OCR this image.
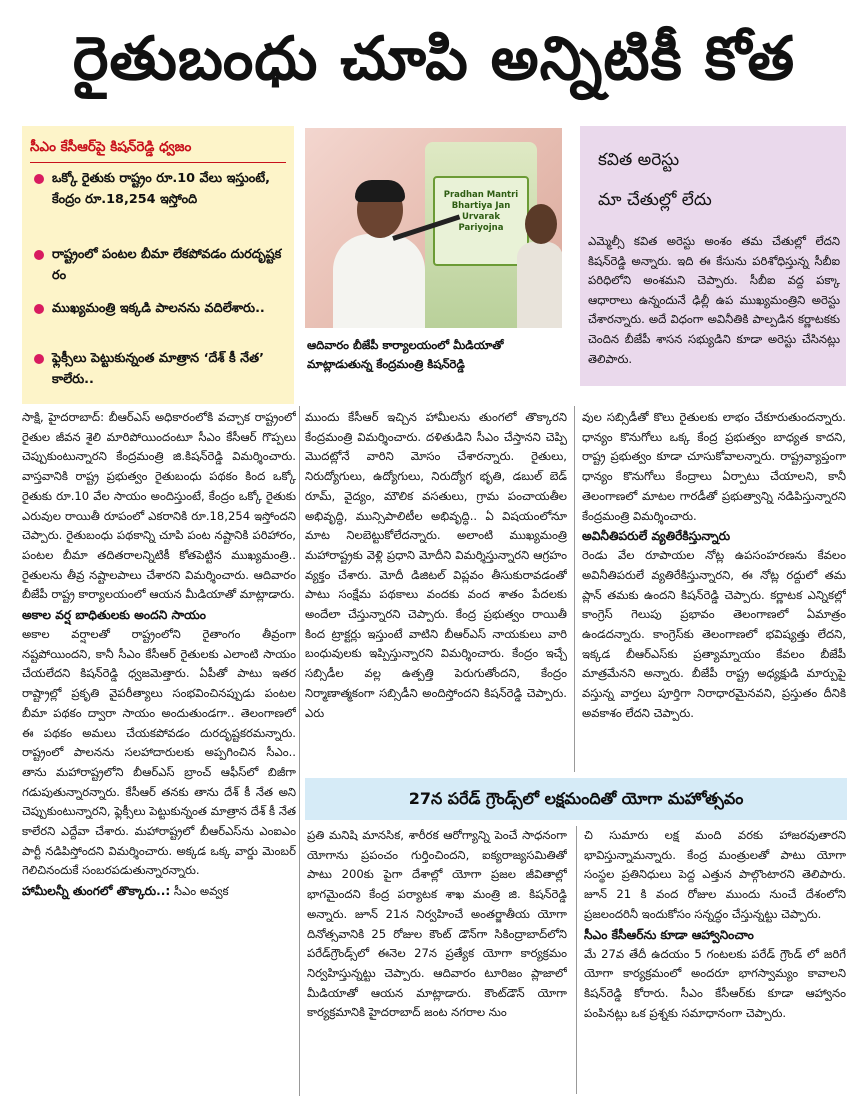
రైతుబంధు చూపి అన్నిటికీ కోత
సీఎం కేసీఆర్‌పై కిషన్‌రెడ్డి ధ్వజం
ఒక్కో రైతుకు రాష్ట్రం రూ.10 వేలు ఇస్తుంటే, కేంద్రం రూ.18,254 ఇస్తోంది
రాష్ట్రంలో పంటల బీమా లేకపోవడం దురదృష్టకరం
ముఖ్యమంత్రి ఇక్కడి పాలనను వదిలేశారు..
ఫ్లెక్సీలు పెట్టుకున్నంత మాత్రాన ‘దేశ్‌ కీ నేత’ కాలేరు..
Pradhan Mantri Bhartiya Jan Urvarak Pariyojna
ఆదివారం బీజేపీ కార్యాలయంలో మీడియాతో మాట్లాడుతున్న కేంద్రమంత్రి కిషన్‌రెడ్డి
కవిత అరెస్టు
మా చేతుల్లో లేదు
ఎమ్మెల్సీ కవిత అరెస్టు అంశం తమ చేతుల్లో లేదని కిషన్‌రెడ్డి అన్నారు. ఇది ఈ కేసును పరిశోధిస్తున్న సీబీఐ పరిధిలోని అంశమని చెప్పారు. సీబీఐ వద్ద పక్కా ఆధారాలు ఉన్నందునే ఢిల్లీ ఉప ముఖ్యమంత్రిని అరెస్టు చేశారన్నారు. అదే విధంగా అవినీతికి పాల్పడిన కర్ణాటకకు చెందిన బీజేపీ శాసన సభ్యుడిని కూడా అరెస్టు చేసినట్లు తెలిపారు.

సాక్షి, హైదరాబాద్‌: బీఆర్‌ఎస్‌ అధికారంలోకి వచ్చాక రాష్ట్రంలో రైతుల జీవన శైలి మారిపోయిందంటూ సీఎం కేసీఆర్‌ గొప్పలు చెప్పుకుంటున్నారని కేంద్రమంత్రి జి.కిషన్‌రెడ్డి విమర్శించారు. వాస్తవానికి రాష్ట్ర ప్రభుత్వం రైతుబంధు పథకం కింద ఒక్కో రైతుకు రూ.10 వేల సాయం అందిస్తుంటే, కేంద్రం ఒక్కో రైతుకు ఎరువుల రాయితీ రూపంలో ఎకరానికి రూ.18,254 ఇస్తోందని చెప్పారు. రైతుబంధు పథకాన్ని చూపి పంట నష్టానికి పరిహారం, పంటల బీమా తదితరాలన్నిటికీ కోతపెట్టిన ముఖ్యమంత్రి.. రైతులను తీవ్ర నష్టాలపాలు చేశారని విమర్శించారు. ఆదివారం బీజేపీ రాష్ట్ర కార్యాలయంలో ఆయన మీడియాతో మాట్లాడారు.

అకాల వర్ష బాధితులకు అందని సాయం

అకాల వర్షాలతో రాష్ట్రంలోని రైతాంగం తీవ్రంగా నష్టపోయిందని, కానీ సీఎం కేసీఆర్‌ రైతులకు ఎలాంటి సాయం చేయలేదని కిషన్‌రెడ్డి ధ్వజమెత్తారు. ఏపీతో పాటు ఇతర రాష్ట్రాల్లో ప్రకృతి వైపరీత్యాలు సంభవించినప్పుడు పంటల బీమా పథకం ద్వారా సాయం అందుతుండగా.. తెలంగాణలో ఈ పథకం అమలు చేయకపోవడం దురదృష్టకరమన్నారు. రాష్ట్రంలో పాలనను సలహాదారులకు అప్పగించిన సీఎం.. తాను మహారాష్ట్రలోని బీఆర్‌ఎస్‌ బ్రాంచ్‌ ఆఫీస్‌లో బిజీగా గడుపుతున్నారన్నారు. కేసీఆర్‌ తనకు తాను దేశ్‌ కీ నేత అని చెప్పుకుంటున్నారని, ఫ్లెక్సీలు పెట్టుకున్నంత మాత్రాన దేశ్‌ కీ నేత కాలేరని ఎద్దేవా చేశారు. మహారాష్ట్రలో బీఆర్‌ఎస్‌ను ఎంఐఎం పార్టీ నడిపిస్తోందని విమర్శించారు. అక్కడ ఒక్క వార్డు మెంబర్‌ గెలిచినందుకే సంబరపడుతున్నారన్నారు.

హామీలన్నీ తుంగలో తొక్కారు..: సీఎం అవ్వక

ముందు కేసీఆర్‌ ఇచ్చిన హామీలను తుంగలో తొక్కారని కేంద్రమంత్రి విమర్శించారు. దళితుడిని సీఎం చేస్తానని చెప్పి మొదట్లోనే వారిని మోసం చేశారన్నారు. రైతులు, నిరుద్యోగులు, ఉద్యోగులు, నిరుద్యోగ భృతి, డబుల్‌ బెడ్‌ రూమ్, వైద్యం, మౌలిక వసతులు, గ్రామ పంచాయతీల అభివృద్ధి, మున్సిపాలిటీల అభివృద్ధి.. ఏ విషయంలోనూ మాట నిలబెట్టుకోలేదన్నారు. అలాంటి ముఖ్యమంత్రి మహారాష్ట్రకు వెళ్లి ప్రధాని మోదీని విమర్శిస్తున్నారని ఆగ్రహం వ్యక్తం చేశారు. మోదీ డిజిటల్‌ విప్లవం తీసుకురావడంతో పాటు సంక్షేమ పథకాలు వందకు వంద శాతం పేదలకు అందేలా చేస్తున్నారని చెప్పారు. కేంద్ర ప్రభుత్వం రాయితీ కింద ట్రాక్టర్లు ఇస్తుంటే వాటిని బీఆర్‌ఎస్‌ నాయకులు వారి బంధువులకు ఇప్పిస్తున్నారని విమర్శించారు. కేంద్రం ఇచ్చే సబ్సిడీల వల్ల ఉత్పత్తి పెరుగుతోందని, కేంద్రం నిర్మాణాత్మకంగా సబ్సిడీని అందిస్తోందని కిషన్‌రెడ్డి చెప్పారు. ఎరు

వుల సబ్సిడీతో కొలు రైతులకు లాభం చేకూరుతుందన్నారు. ధాన్యం కొనుగోలు ఒక్క కేంద్ర ప్రభుత్వం బాధ్యత కాదని, రాష్ట్ర ప్రభుత్వం కూడా చూసుకోవాలన్నారు. రాష్ట్రవ్యాప్తంగా ధాన్యం కొనుగోలు కేంద్రాలు ఏర్పాటు చేయాలని, కానీ తెలంగాణలో మాటల గారడీతో ప్రభుత్వాన్ని నడిపిస్తున్నారని కేంద్రమంత్రి విమర్శించారు.

అవినీతిపరులే వ్యతిరేకిస్తున్నారు

రెండు వేల రూపాయల నోట్ల ఉపసంహరణను కేవలం అవినీతిపరులే వ్యతిరేకిస్తున్నారని, ఈ నోట్ల రద్దులో తమ ప్లాన్‌ తమకు ఉందని కిషన్‌రెడ్డి చెప్పారు. కర్ణాటక ఎన్నికల్లో కాంగ్రెస్‌ గెలుపు ప్రభావం తెలంగాణలో ఏమాత్రం ఉండదన్నారు. కాంగ్రెస్‌కు తెలంగాణలో భవిష్యత్తు లేదని, ఇక్కడ బీఆర్‌ఎస్‌కు ప్రత్యామ్నాయం కేవలం బీజేపీ మాత్రమేనని అన్నారు. బీజేపీ రాష్ట్ర అధ్యక్షుడి మార్పుపై వస్తున్న వార్తలు పూర్తిగా నిరాధారమైనవని, ప్రస్తుతం దీనికి అవకాశం లేదని చెప్పారు.

27న పరేడ్‌ గ్రౌండ్స్‌లో లక్షమందితో యోగా మహోత్సవం

ప్రతి మనిషి మానసిక, శారీరక ఆరోగ్యాన్ని పెంచే సాధనంగా యోగాను ప్రపంచం గుర్తించిందని, ఐక్యరాజ్యసమితితో పాటు 200కు పైగా దేశాల్లో యోగా ప్రజల జీవితాల్లో భాగమైందని కేంద్ర పర్యాటక శాఖ మంత్రి జి. కిషన్‌రెడ్డి అన్నారు. జూన్‌ 21న నిర్వహించే అంతర్జాతీయ యోగా దినోత్సవానికి 25 రోజుల కౌంట్‌ డౌన్‌గా సికింద్రాబాద్‌లోని పరేడ్‌గ్రౌండ్స్‌లో ఈనెల 27న ప్రత్యేక యోగా కార్యక్రమం నిర్వహిస్తున్నట్టు చెప్పారు. ఆదివారం టూరిజం ప్లాజాలో మీడియాతో ఆయన మాట్లాడారు. కౌంట్‌డౌన్‌ యోగా కార్యక్రమానికి హైదరాబాద్‌ జంట నగరాల నుం

చి సుమారు లక్ష మంది వరకు హాజరవుతారని భావిస్తున్నామన్నారు. కేంద్ర మంత్రులతో పాటు యోగా సంస్థల ప్రతినిధులు పెద్ద ఎత్తున పాల్గొంటారని తెలిపారు. జూన్‌ 21 కి వంద రోజుల ముందు నుంచే దేశంలోని ప్రజలందరినీ ఇందుకోసం సన్నద్ధం చేస్తున్నట్టు చెప్పారు.

సీఎం కేసీఆర్‌ను కూడా ఆహ్వానించాం

మే 27వ తేదీ ఉదయం 5 గంటలకు పరేడ్‌ గ్రౌండ్‌ లో జరిగే యోగా కార్యక్రమంలో అందరూ భాగస్వామ్యం కావాలని కిషన్‌రెడ్డి కోరారు. సీఎం కేసీఆర్‌కు కూడా ఆహ్వానం పంపినట్లు ఒక ప్రశ్నకు సమాధానంగా చెప్పారు.
